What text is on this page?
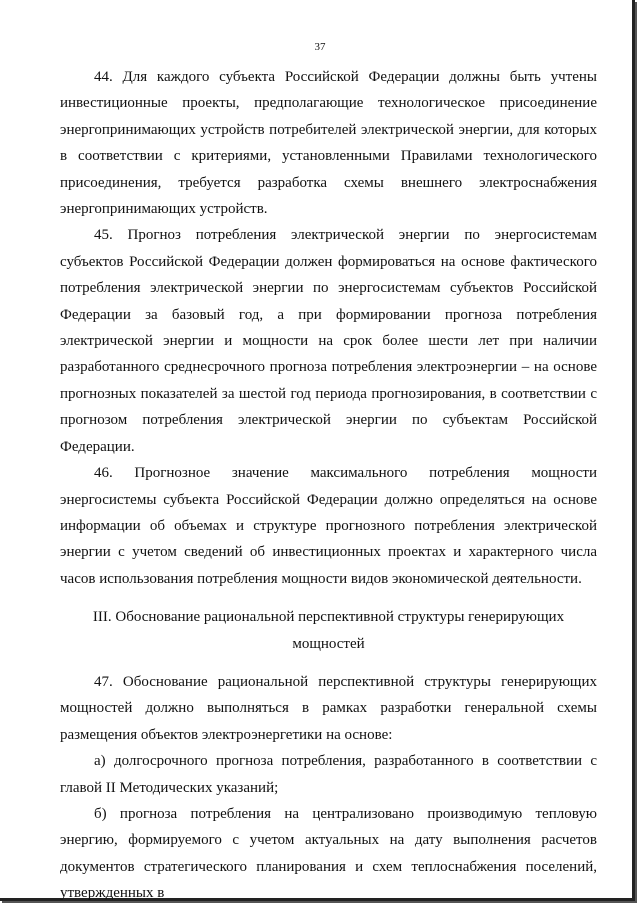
37

44. Для каждого субъекта Российской Федерации должны быть учтены инвестиционные проекты, предполагающие технологическое присоединение энергопринимающих устройств потребителей электрической энергии, для которых в соответствии с критериями, установленными Правилами технологического присоединения, требуется разработка схемы внешнего электроснабжения энергопринимающих устройств.

45. Прогноз потребления электрической энергии по энергосистемам субъектов Российской Федерации должен формироваться на основе фактического потребления электрической энергии по энергосистемам субъектов Российской Федерации за базовый год, а при формировании прогноза потребления электрической энергии и мощности на срок более шести лет при наличии разработанного среднесрочного прогноза потребления электроэнергии – на основе прогнозных показателей за шестой год периода прогнозирования, в соответствии с прогнозом потребления электрической энергии по субъектам Российской Федерации.

46. Прогнозное значение максимального потребления мощности энергосистемы субъекта Российской Федерации должно определяться на основе информации об объемах и структуре прогнозного потребления электрической энергии с учетом сведений об инвестиционных проектах и характерного числа часов использования потребления мощности видов экономической деятельности.

III. Обоснование рациональной перспективной структуры генерирующих
мощностей

47. Обоснование рациональной перспективной структуры генерирующих мощностей должно выполняться в рамках разработки генеральной схемы размещения объектов электроэнергетики на основе:

а) долгосрочного прогноза потребления, разработанного в соответствии с главой II Методических указаний;

б) прогноза потребления на централизовано производимую тепловую энергию, формируемого с учетом актуальных на дату выполнения расчетов документов стратегического планирования и схем теплоснабжения поселений, утвержденных в
